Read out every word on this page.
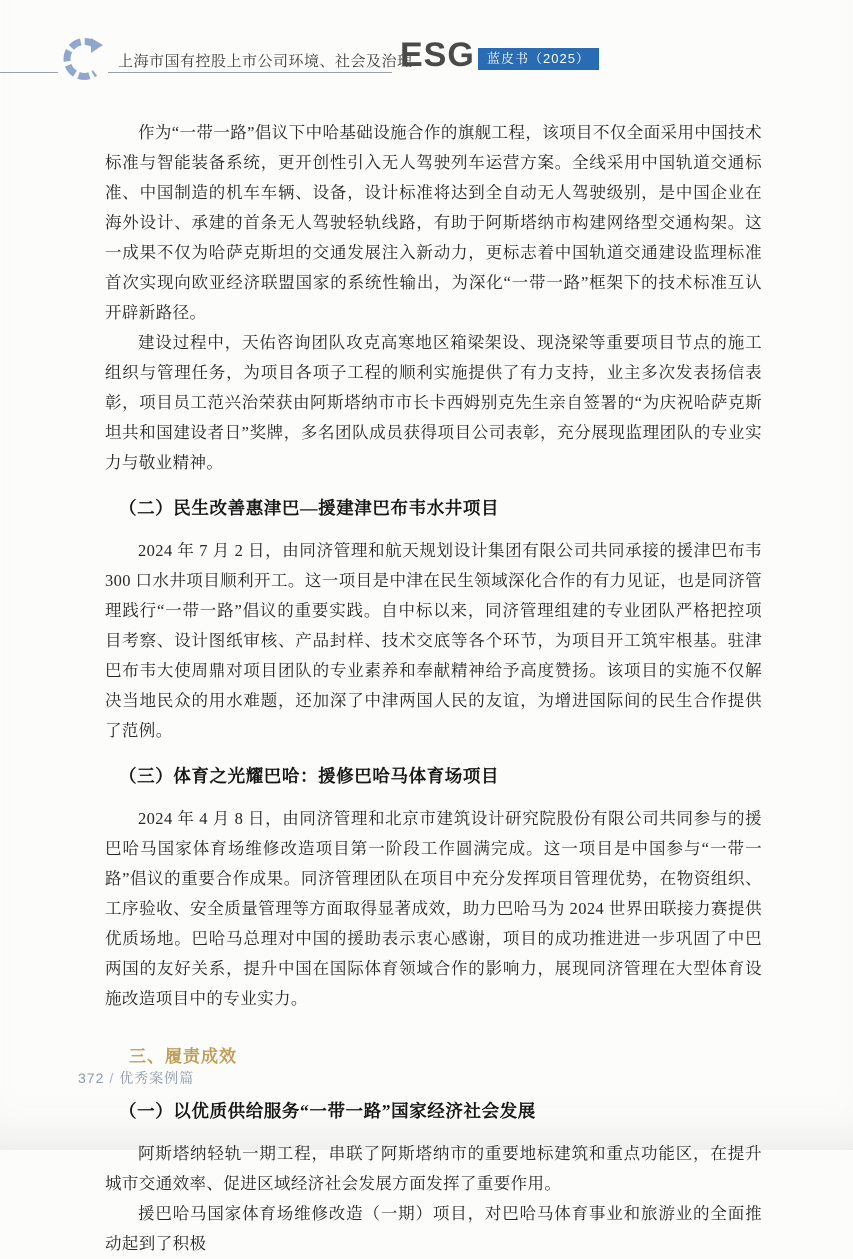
上海市国有控股上市公司环境、社会及治理
ESG 蓝皮书（2025）

作为“一带一路”倡议下中哈基础设施合作的旗舰工程，该项目不仅全面采用中国技术标准与智能装备系统，更开创性引入无人驾驶列车运营方案。全线采用中国轨道交通标准、中国制造的机车车辆、设备，设计标准将达到全自动无人驾驶级别，是中国企业在海外设计、承建的首条无人驾驶轻轨线路，有助于阿斯塔纳市构建网络型交通构架。这一成果不仅为哈萨克斯坦的交通发展注入新动力，更标志着中国轨道交通建设监理标准首次实现向欧亚经济联盟国家的系统性输出，为深化“一带一路”框架下的技术标准互认开辟新路径。

建设过程中，天佑咨询团队攻克高寒地区箱梁架设、现浇梁等重要项目节点的施工组织与管理任务，为项目各项子工程的顺利实施提供了有力支持，业主多次发表扬信表彰，项目员工范兴治荣获由阿斯塔纳市市长卡西姆别克先生亲自签署的“为庆祝哈萨克斯坦共和国建设者日”奖牌，多名团队成员获得项目公司表彰，充分展现监理团队的专业实力与敬业精神。

（二）民生改善惠津巴—援建津巴布韦水井项目

2024 年 7 月 2 日，由同济管理和航天规划设计集团有限公司共同承接的援津巴布韦 300 口水井项目顺利开工。这一项目是中津在民生领域深化合作的有力见证，也是同济管理践行“一带一路”倡议的重要实践。自中标以来，同济管理组建的专业团队严格把控项目考察、设计图纸审核、产品封样、技术交底等各个环节，为项目开工筑牢根基。驻津巴布韦大使周鼎对项目团队的专业素养和奉献精神给予高度赞扬。该项目的实施不仅解决当地民众的用水难题，还加深了中津两国人民的友谊，为增进国际间的民生合作提供了范例。

（三）体育之光耀巴哈：援修巴哈马体育场项目

2024 年 4 月 8 日，由同济管理和北京市建筑设计研究院股份有限公司共同参与的援巴哈马国家体育场维修改造项目第一阶段工作圆满完成。这一项目是中国参与“一带一路”倡议的重要合作成果。同济管理团队在项目中充分发挥项目管理优势，在物资组织、工序验收、安全质量管理等方面取得显著成效，助力巴哈马为 2024 世界田联接力赛提供优质场地。巴哈马总理对中国的援助表示衷心感谢，项目的成功推进进一步巩固了中巴两国的友好关系，提升中国在国际体育领域合作的影响力，展现同济管理在大型体育设施改造项目中的专业实力。

三、履责成效
（一）以优质供给服务“一带一路”国家经济社会发展

阿斯塔纳轻轨一期工程，串联了阿斯塔纳市的重要地标建筑和重点功能区，在提升城市交通效率、促进区域经济社会发展方面发挥了重要作用。

援巴哈马国家体育场维修改造（一期）项目，对巴哈马体育事业和旅游业的全面推动起到了积极

372 / 优秀案例篇
